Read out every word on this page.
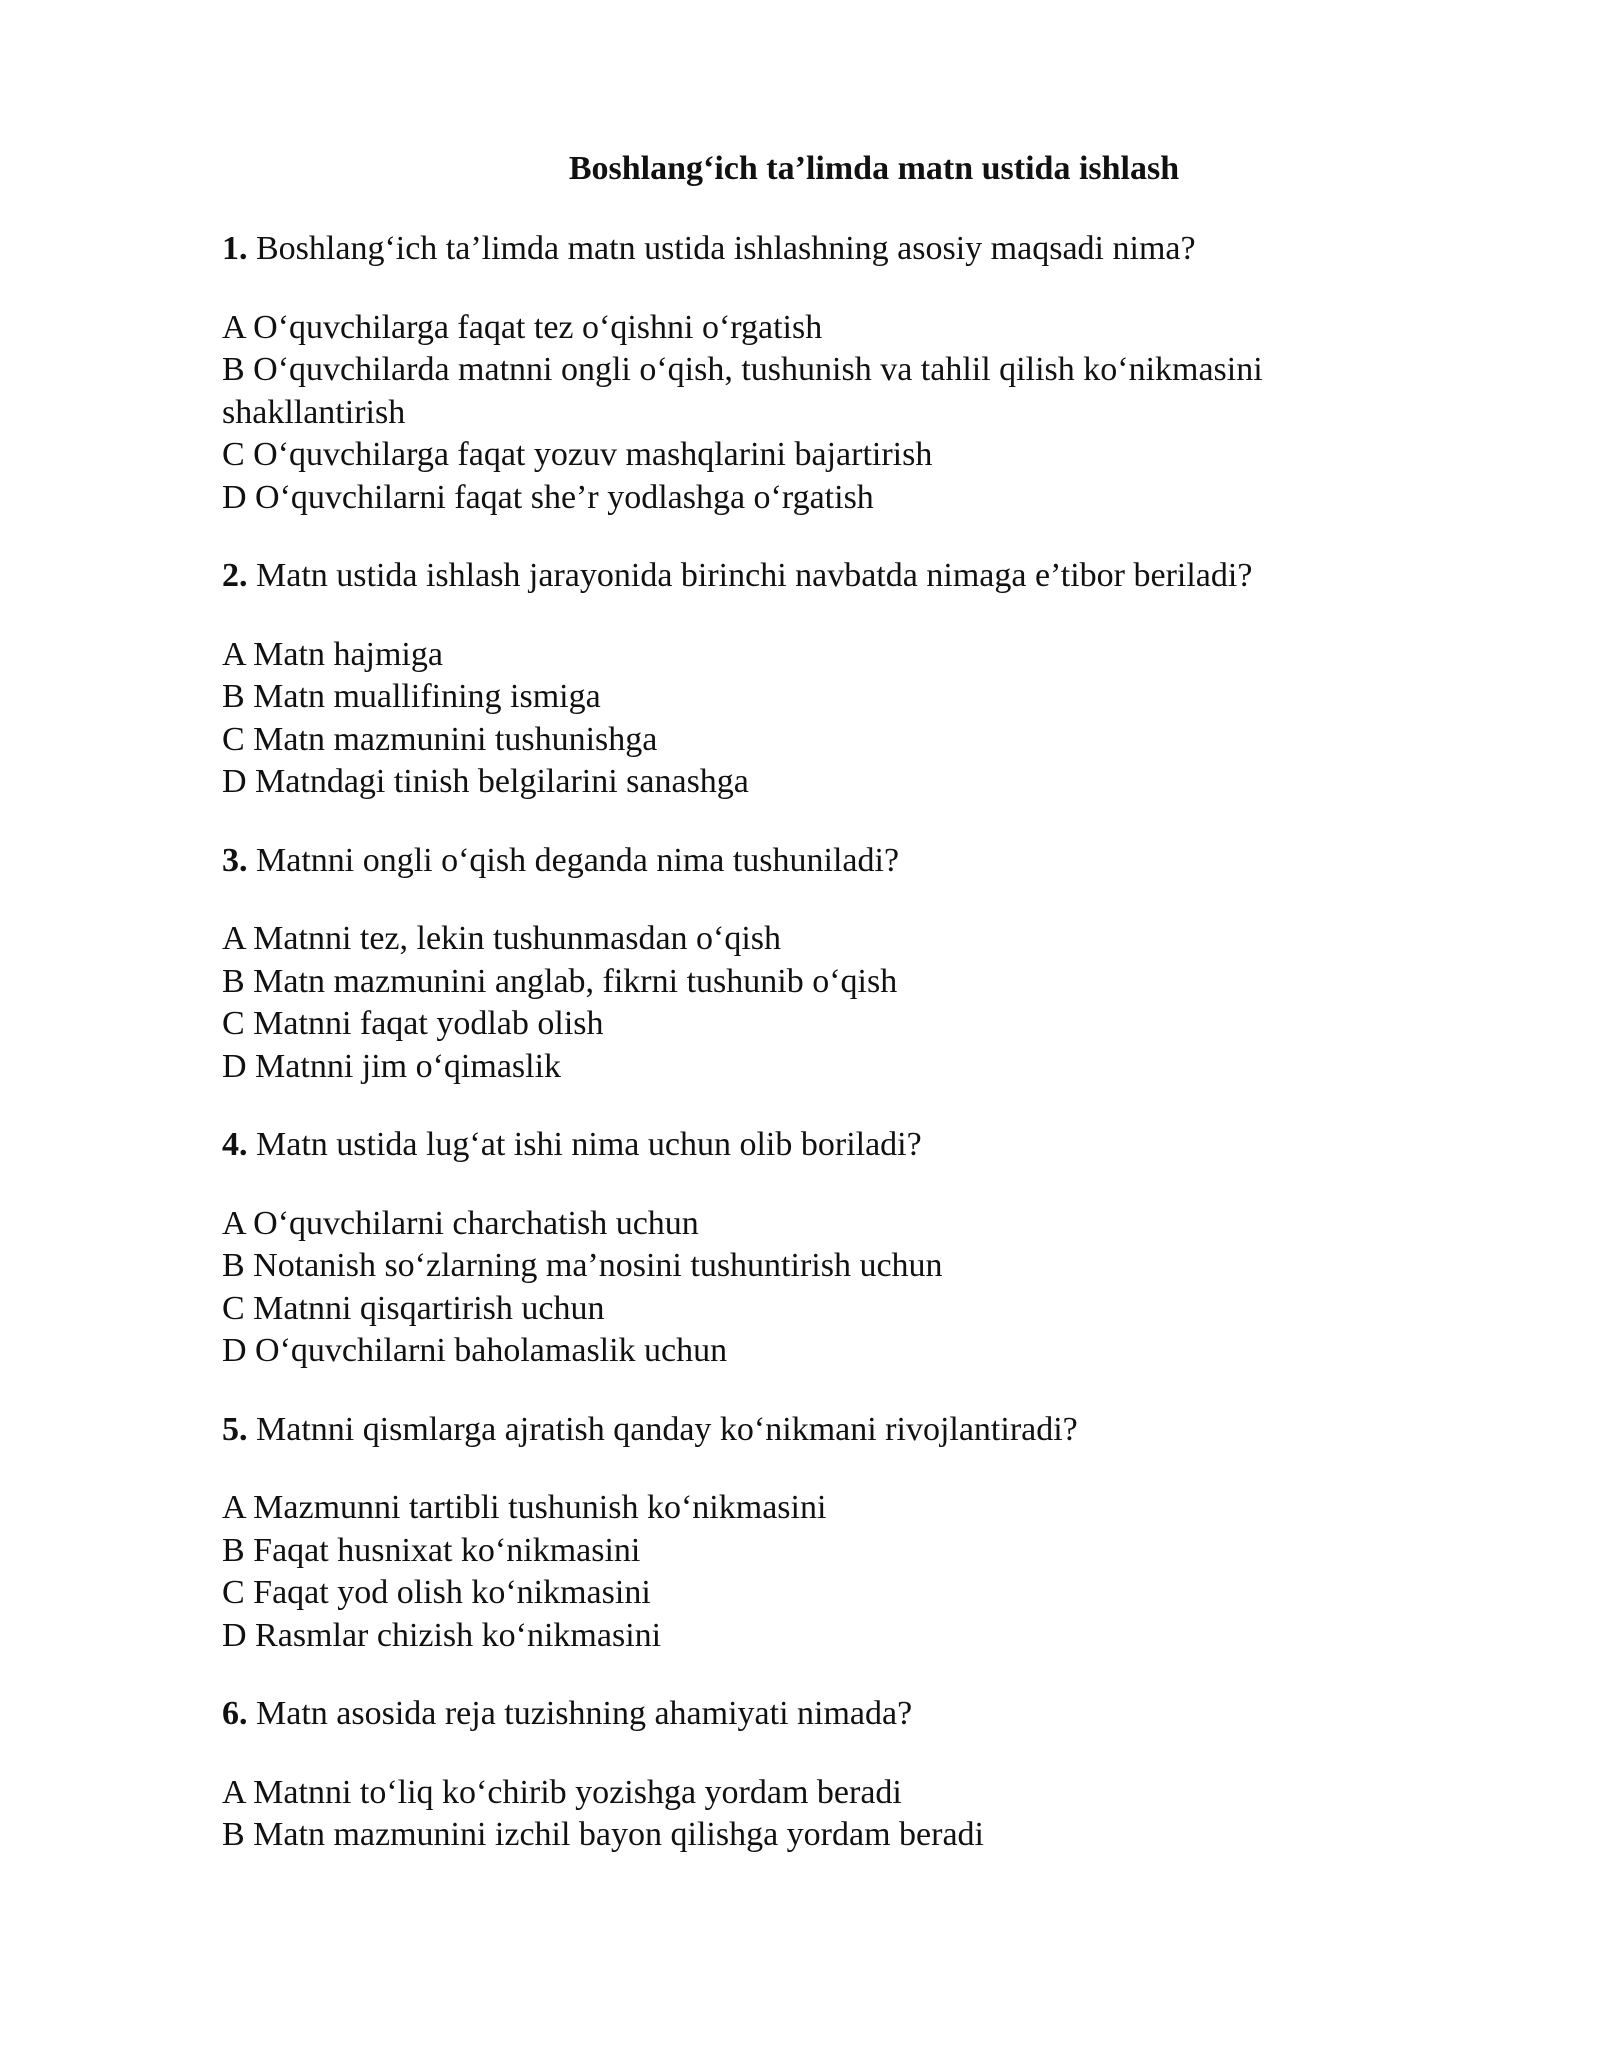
Boshlang‘ich ta’limda matn ustida ishlash
1. Boshlang‘ich ta’limda matn ustida ishlashning asosiy maqsadi nima?
A O‘quvchilarga faqat tez o‘qishni o‘rgatish
B O‘quvchilarda matnni ongli o‘qish, tushunish va tahlil qilish ko‘nikmasini shakllantirish
C O‘quvchilarga faqat yozuv mashqlarini bajartirish
D O‘quvchilarni faqat she’r yodlashga o‘rgatish
2. Matn ustida ishlash jarayonida birinchi navbatda nimaga e’tibor beriladi?
A Matn hajmiga
B Matn muallifining ismiga
C Matn mazmunini tushunishga
D Matndagi tinish belgilarini sanashga
3. Matnni ongli o‘qish deganda nima tushuniladi?
A Matnni tez, lekin tushunmasdan o‘qish
B Matn mazmunini anglab, fikrni tushunib o‘qish
C Matnni faqat yodlab olish
D Matnni jim o‘qimaslik
4. Matn ustida lug‘at ishi nima uchun olib boriladi?
A O‘quvchilarni charchatish uchun
B Notanish so‘zlarning ma’nosini tushuntirish uchun
C Matnni qisqartirish uchun
D O‘quvchilarni baholamaslik uchun
5. Matnni qismlarga ajratish qanday ko‘nikmani rivojlantiradi?
A Mazmunni tartibli tushunish ko‘nikmasini
B Faqat husnixat ko‘nikmasini
C Faqat yod olish ko‘nikmasini
D Rasmlar chizish ko‘nikmasini
6. Matn asosida reja tuzishning ahamiyati nimada?
A Matnni to‘liq ko‘chirib yozishga yordam beradi
B Matn mazmunini izchil bayon qilishga yordam beradi
